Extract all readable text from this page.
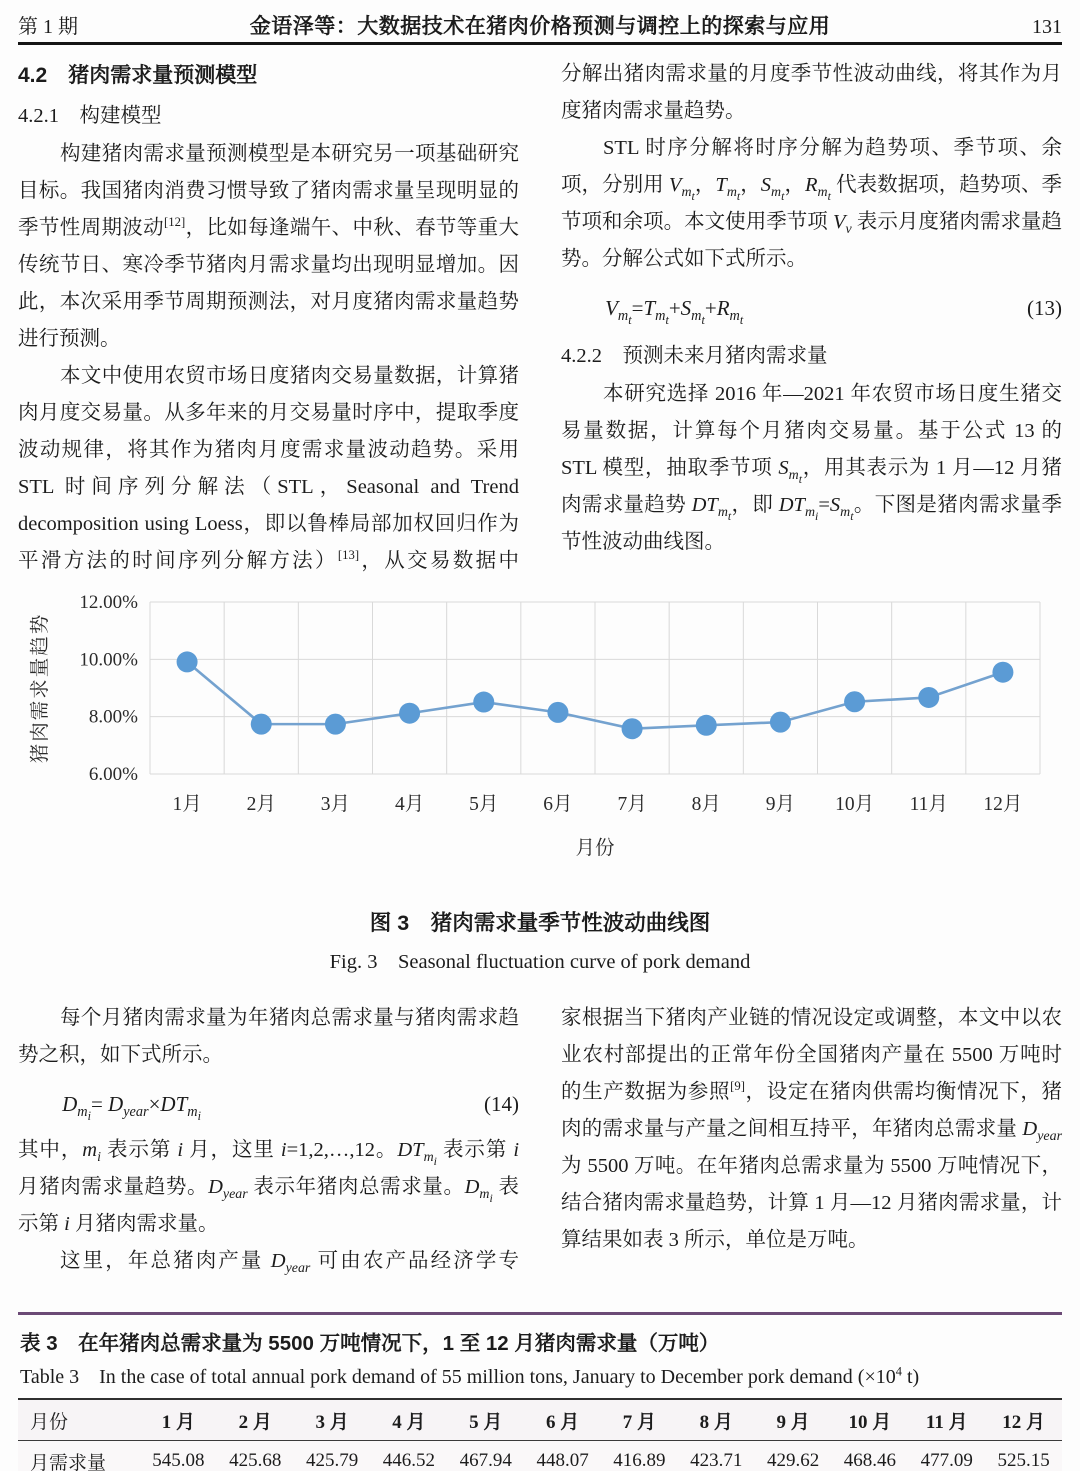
第 1 期	金语泽等：大数据技术在猪肉价格预测与调控上的探索与应用	131
4.2　猪肉需求量预测模型
4.2.1　构建模型

构建猪肉需求量预测模型是本研究另一项基础研究目标。我国猪肉消费习惯导致了猪肉需求量呈现明显的季节性周期波动[12]，比如每逢端午、中秋、春节等重大传统节日、寒冷季节猪肉月需求量均出现明显增加。因此，本次采用季节周期预测法，对月度猪肉需求量趋势进行预测。

本文中使用农贸市场日度猪肉交易量数据，计算猪肉月度交易量。从多年来的月交易量时序中，提取季度波动规律，将其作为猪肉月度需求量波动趋势。采用 STL 时间序列分解法（STL，Seasonal and Trend decomposition using Loess，即以鲁棒局部加权回归作为平滑方法的时间序列分解方法）[13]，从交易数据中

分解出猪肉需求量的月度季节性波动曲线，将其作为月度猪肉需求量趋势。

STL 时序分解将时序分解为趋势项、季节项、余项，分别用 $V_{m_t}$，$T_{m_t}$，$S_{m_t}$，$R_{m_t}$ 代表数据项，趋势项、季节项和余项。本文使用季节项 $V_v$ 表示月度猪肉需求量趋势。分解公式如下式所示。

$V_{m_t}=T_{m_t}+S_{m_t}+R_{m_t}$
(13)
4.2.2　预测未来月猪肉需求量

本研究选择 2016 年—2021 年农贸市场日度生猪交易量数据，计算每个月猪肉交易量。基于公式 13 的 STL 模型，抽取季节项 $S_{m_t}$，用其表示为 1 月—12 月猪肉需求量趋势 $DT_{m_t}$，即 $DT_{m_i}=S_{m_t}$。下图是猪肉需求量季节性波动曲线图。

6.00%
8.00%
10.00%
12.00%
1月 2月 3月 4月 5月 6月 7月 8月 9月 10月 11月 12月
月份
猪肉需求量趋势
图 3　猪肉需求量季节性波动曲线图
Fig. 3　Seasonal fluctuation curve of pork demand

每个月猪肉需求量为年猪肉总需求量与猪肉需求趋势之积，如下式所示。

$D_{m_i}= D_{year}\times DT_{m_i}$
(14)

其中，$m_i$ 表示第 i 月，这里 i=1,2,…,12。$DT_{m_i}$ 表示第 i 月猪肉需求量趋势。$D_{year}$ 表示年猪肉总需求量。$D_{m_i}$ 表示第 i 月猪肉需求量。

这里，年总猪肉产量 $D_{year}$ 可由农产品经济学专

家根据当下猪肉产业链的情况设定或调整，本文中以农业农村部提出的正常年份全国猪肉产量在 5500 万吨时的生产数据为参照[9]，设定在猪肉供需均衡情况下，猪肉的需求量与产量之间相互持平，年猪肉总需求量 $D_{year}$ 为 5500 万吨。在年猪肉总需求量为 5500 万吨情况下，结合猪肉需求量趋势，计算 1 月—12 月猪肉需求量，计算结果如表 3 所示，单位是万吨。

表 3　在年猪肉总需求量为 5500 万吨情况下，1 至 12 月猪肉需求量（万吨）
Table 3　In the case of total annual pork demand of 55 million tons, January to December pork demand ($\times 10^4$ t)
月份	1 月	2 月	3 月	4 月	5 月	6 月	7 月	8 月	9 月	10 月	11 月	12 月
月需求量	545.08	425.68	425.79	446.52	467.94	448.07	416.89	423.71	429.62	468.46	477.09	525.15
